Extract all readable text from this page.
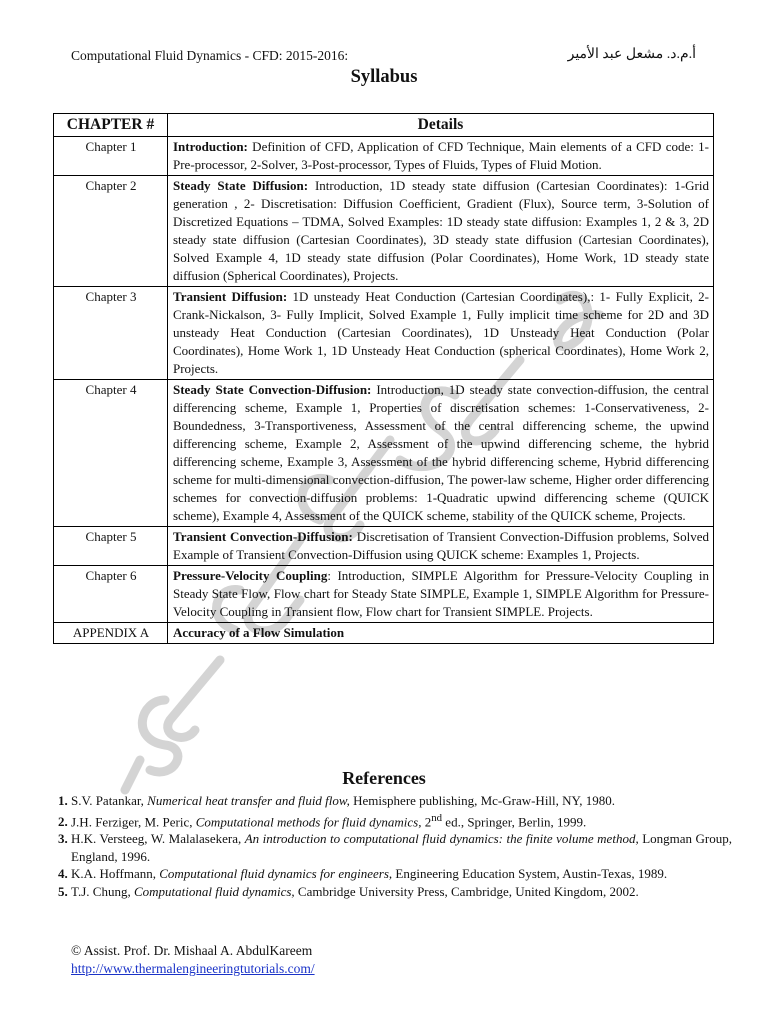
Computational Fluid Dynamics - CFD: 2015-2016:	أ.م.د. مشعل عبد الأمير
Syllabus
CHAPTER #	Details
Chapter 1	Introduction: Definition of CFD, Application of CFD Technique, Main elements of a CFD code: 1-Pre-processor, 2-Solver, 3-Post-processor, Types of Fluids, Types of Fluid Motion.
Chapter 2	Steady State Diffusion: Introduction, 1D steady state diffusion (Cartesian Coordinates): 1-Grid generation , 2- Discretisation: Diffusion Coefficient, Gradient (Flux), Source term, 3-Solution of Discretized Equations – TDMA, Solved Examples: 1D steady state diffusion: Examples 1, 2 & 3, 2D steady state diffusion (Cartesian Coordinates), 3D steady state diffusion (Cartesian Coordinates), Solved Example 4, 1D steady state diffusion (Polar Coordinates), Home Work, 1D steady state diffusion (Spherical Coordinates), Projects.
Chapter 3	Transient Diffusion: 1D unsteady Heat Conduction (Cartesian Coordinates),: 1- Fully Explicit, 2- Crank-Nickalson, 3- Fully Implicit, Solved Example 1, Fully implicit time scheme for 2D and 3D unsteady Heat Conduction (Cartesian Coordinates), 1D Unsteady Heat Conduction (Polar Coordinates), Home Work 1, 1D Unsteady Heat Conduction (spherical Coordinates), Home Work 2, Projects.
Chapter 4	Steady State Convection-Diffusion: Introduction, 1D steady state convection-diffusion, the central differencing scheme, Example 1, Properties of discretisation schemes: 1-Conservativeness, 2-Boundedness, 3-Transportiveness, Assessment of the central differencing scheme, the upwind differencing scheme, Example 2, Assessment of the upwind differencing scheme, the hybrid differencing scheme, Example 3, Assessment of the hybrid differencing scheme, Hybrid differencing scheme for multi-dimensional convection-diffusion, The power-law scheme, Higher order differencing schemes for convection-diffusion problems: 1-Quadratic upwind differencing scheme (QUICK scheme), Example 4, Assessment of the QUICK scheme, stability of the QUICK scheme, Projects.
Chapter 5	Transient Convection-Diffusion: Discretisation of Transient Convection-Diffusion problems, Solved Example of Transient Convection-Diffusion using QUICK scheme: Examples 1, Projects.
Chapter 6	Pressure-Velocity Coupling: Introduction, SIMPLE Algorithm for Pressure-Velocity Coupling in Steady State Flow, Flow chart for Steady State SIMPLE, Example 1, SIMPLE Algorithm for Pressure-Velocity Coupling in Transient flow, Flow chart for Transient SIMPLE. Projects.
APPENDIX A	Accuracy of a Flow Simulation
References
1. S.V. Patankar, Numerical heat transfer and fluid flow, Hemisphere publishing, Mc-Graw-Hill, NY, 1980.
2. J.H. Ferziger, M. Peric, Computational methods for fluid dynamics, 2nd ed., Springer, Berlin, 1999.
3. H.K. Versteeg, W. Malalasekera, An introduction to computational fluid dynamics: the finite volume method, Longman Group, England, 1996.
4. K.A. Hoffmann, Computational fluid dynamics for engineers, Engineering Education System, Austin-Texas, 1989.
5. T.J. Chung, Computational fluid dynamics, Cambridge University Press, Cambridge, United Kingdom, 2002.
© Assist. Prof. Dr. Mishaal A. AbdulKareem
http://www.thermalengineeringtutorials.com/
